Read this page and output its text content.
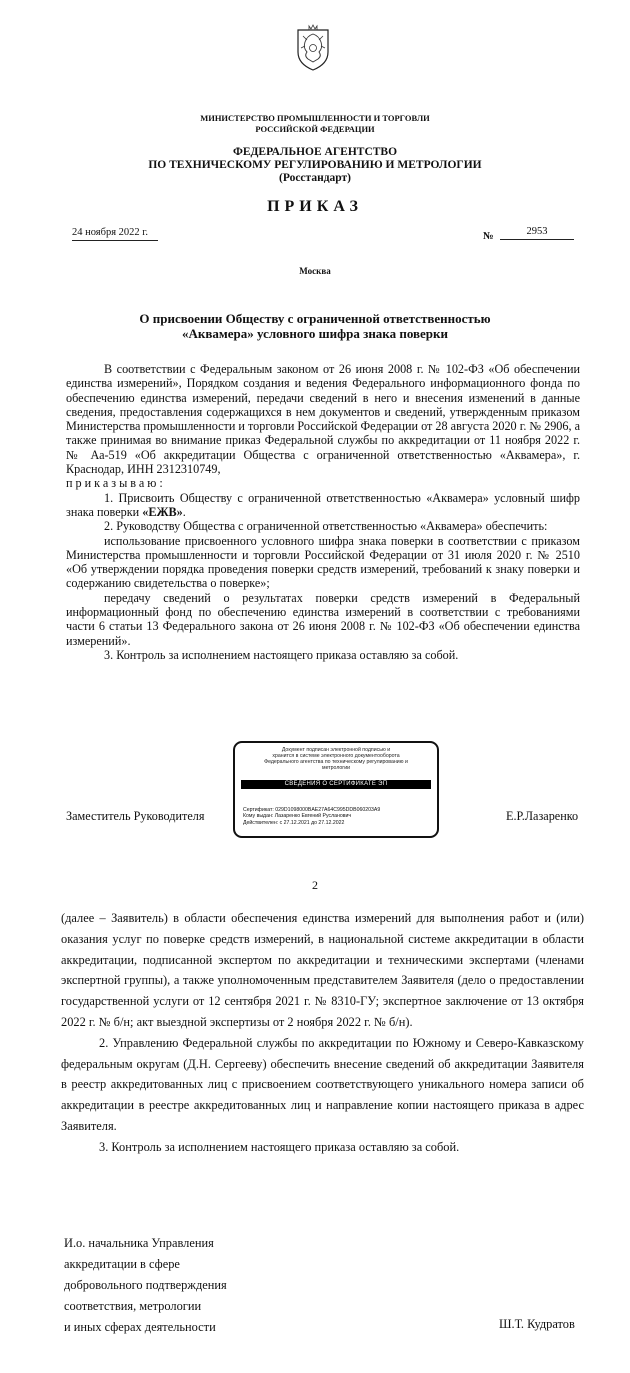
МИНИСТЕРСТВО ПРОМЫШЛЕННОСТИ И ТОРГОВЛИ
РОССИЙСКОЙ ФЕДЕРАЦИИ
ФЕДЕРАЛЬНОЕ АГЕНТСТВО
ПО ТЕХНИЧЕСКОМУ РЕГУЛИРОВАНИЮ И МЕТРОЛОГИИ
(Росстандарт)
ПРИКАЗ
24 ноября 2022 г.	№	2953
Москва
О присвоении Обществу с ограниченной ответственностью
«Аквамера» условного шифра знака поверки

В соответствии с Федеральным законом от 26 июня 2008 г. № 102-ФЗ «Об обеспечении единства измерений», Порядком создания и ведения Федерального информационного фонда по обеспечению единства измерений, передачи сведений в него и внесения изменений в данные сведения, предоставления содержащихся в нем документов и сведений, утвержденным приказом Министерства промышленности и торговли Российской Федерации от 28 августа 2020 г. № 2906, а также принимая во внимание приказ Федеральной службы по аккредитации от 11 ноября 2022 г. № Аа-519 «Об аккредитации Общества с ограниченной ответственностью «Аквамера», г. Краснодар, ИНН 2312310749,

приказываю:

1. Присвоить Обществу с ограниченной ответственностью «Аквамера» условный шифр знака поверки «ЕЖВ».

2. Руководству Общества с ограниченной ответственностью «Аквамера» обеспечить:

использование присвоенного условного шифра знака поверки в соответствии с приказом Министерства промышленности и торговли Российской Федерации от 31 июля 2020 г. № 2510 «Об утверждении порядка проведения поверки средств измерений, требований к знаку поверки и содержанию свидетельства о поверке»;

передачу сведений о результатах поверки средств измерений в Федеральный информационный фонд по обеспечению единства измерений в соответствии с требованиями части 6 статьи 13 Федерального закона от 26 июня 2008 г. № 102-ФЗ «Об обеспечении единства измерений».

3. Контроль за исполнением настоящего приказа оставляю за собой.

Заместитель Руководителя	Е.Р.Лазаренко
Документ подписан электронной подписью и
хранится в системе электронного документооборота
Федерального агентства по техническому регулированию и
метрологии
СВЕДЕНИЯ О СЕРТИФИКАТЕ ЭП
Сертификат: 029D1098000BAE27A64C995DDB060203A9
Кому выдан: Лазаренко Евгений Русланович
Действителен: с 27.12.2021 до 27.12.2022
2

(далее – Заявитель) в области обеспечения единства измерений для выполнения работ и (или) оказания услуг по поверке средств измерений, в национальной системе аккредитации в области аккредитации, подписанной экспертом по аккредитации и техническими экспертами (членами экспертной группы), а также уполномоченным представителем Заявителя (дело о предоставлении государственной услуги от 12 сентября 2021 г. № 8310-ГУ; экспертное заключение от 13 октября 2022 г. № б/н; акт выездной экспертизы от 2 ноября 2022 г. № б/н).

2. Управлению Федеральной службы по аккредитации по Южному и Северо-Кавказскому федеральным округам (Д.Н. Сергееву) обеспечить внесение сведений об аккредитации Заявителя в реестр аккредитованных лиц с присвоением соответствующего уникального номера записи об аккредитации в реестре аккредитованных лиц и направление копии настоящего приказа в адрес Заявителя.

3. Контроль за исполнением настоящего приказа оставляю за собой.

И.о. начальника Управления
аккредитации в сфере
добровольного подтверждения
соответствия, метрологии
и иных сферах деятельности	Ш.Т. Кудратов
